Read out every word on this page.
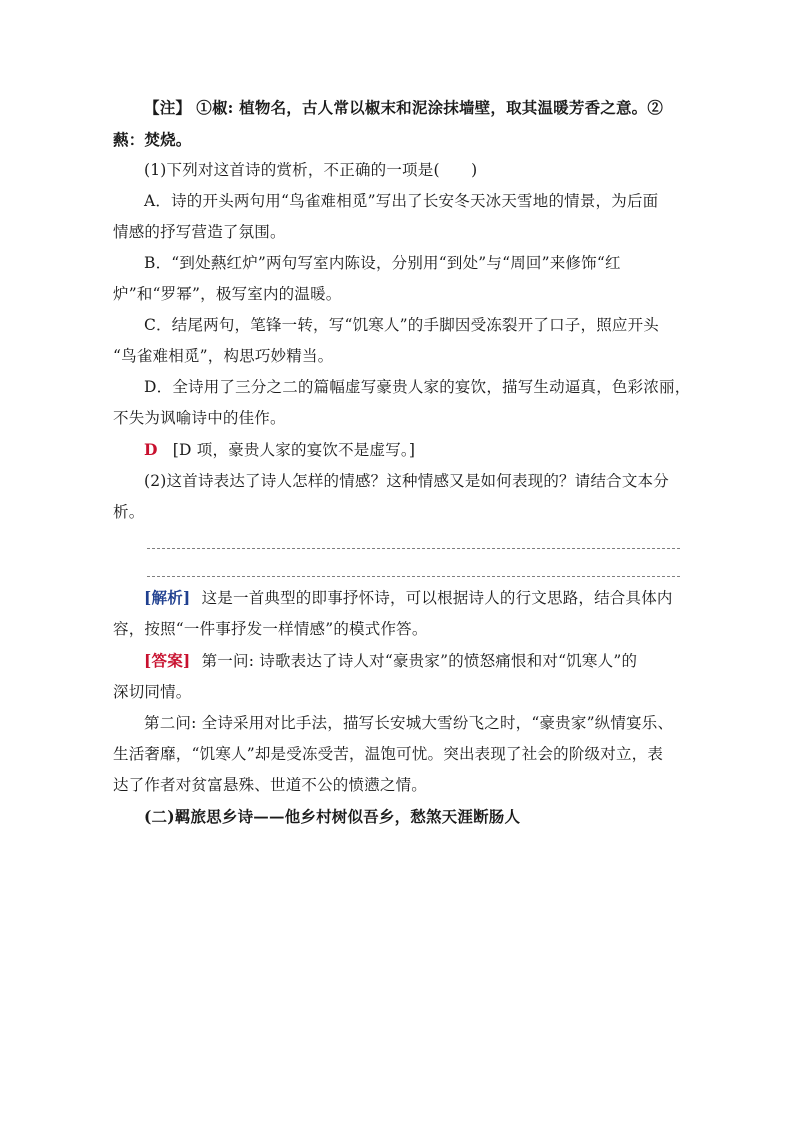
【注】 ①椒: 植物名，古人常以椒末和泥涂抹墙壁，取其温暖芳香之意。②
爇：焚烧。
(1)下列对这首诗的赏析，不正确的一项是(　　)
A．诗的开头两句用“鸟雀难相觅”写出了长安冬天冰天雪地的情景，为后面
情感的抒写营造了氛围。
B．“到处爇红炉”两句写室内陈设，分别用“到处”与“周回”来修饰“红
炉”和“罗幂”，极写室内的温暖。
C．结尾两句，笔锋一转，写“饥寒人”的手脚因受冻裂开了口子，照应开头
“鸟雀难相觅”，构思巧妙精当。
D．全诗用了三分之二的篇幅虚写豪贵人家的宴饮，描写生动逼真，色彩浓丽，
不失为讽喻诗中的佳作。
D [D 项，豪贵人家的宴饮不是虚写。]
(2)这首诗表达了诗人怎样的情感？这种情感又是如何表现的？请结合文本分
析。
[解析] 这是一首典型的即事抒怀诗，可以根据诗人的行文思路，结合具体内
容，按照“一件事抒发一样情感”的模式作答。
[答案] 第一问: 诗歌表达了诗人对“豪贵家”的愤怒痛恨和对“饥寒人”的
深切同情。
第二问: 全诗采用对比手法，描写长安城大雪纷飞之时，“豪贵家”纵情宴乐、
生活奢靡，“饥寒人”却是受冻受苦，温饱可忧。突出表现了社会的阶级对立，表
达了作者对贫富悬殊、世道不公的愤懑之情。
(二)羁旅思乡诗——他乡村树似吾乡，愁煞天涯断肠人
